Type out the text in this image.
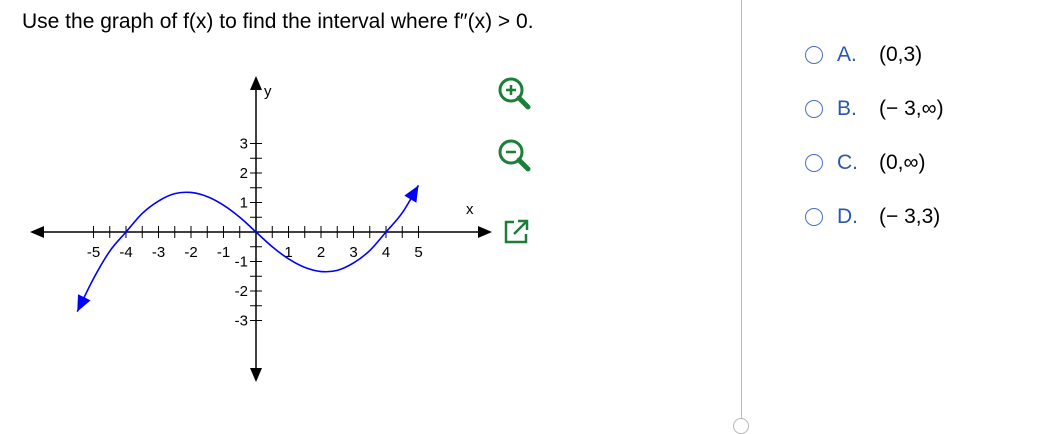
Use the graph of f(x) to find the interval where f′′(x) > 0.
x
y
-5 -4 -3 -2 -1	1 2 3 4 5
3
2
1
-1
-2
-3
A.	(0,3)
B.	(− 3,∞)
C.	(0,∞)
D.	(− 3,3)
